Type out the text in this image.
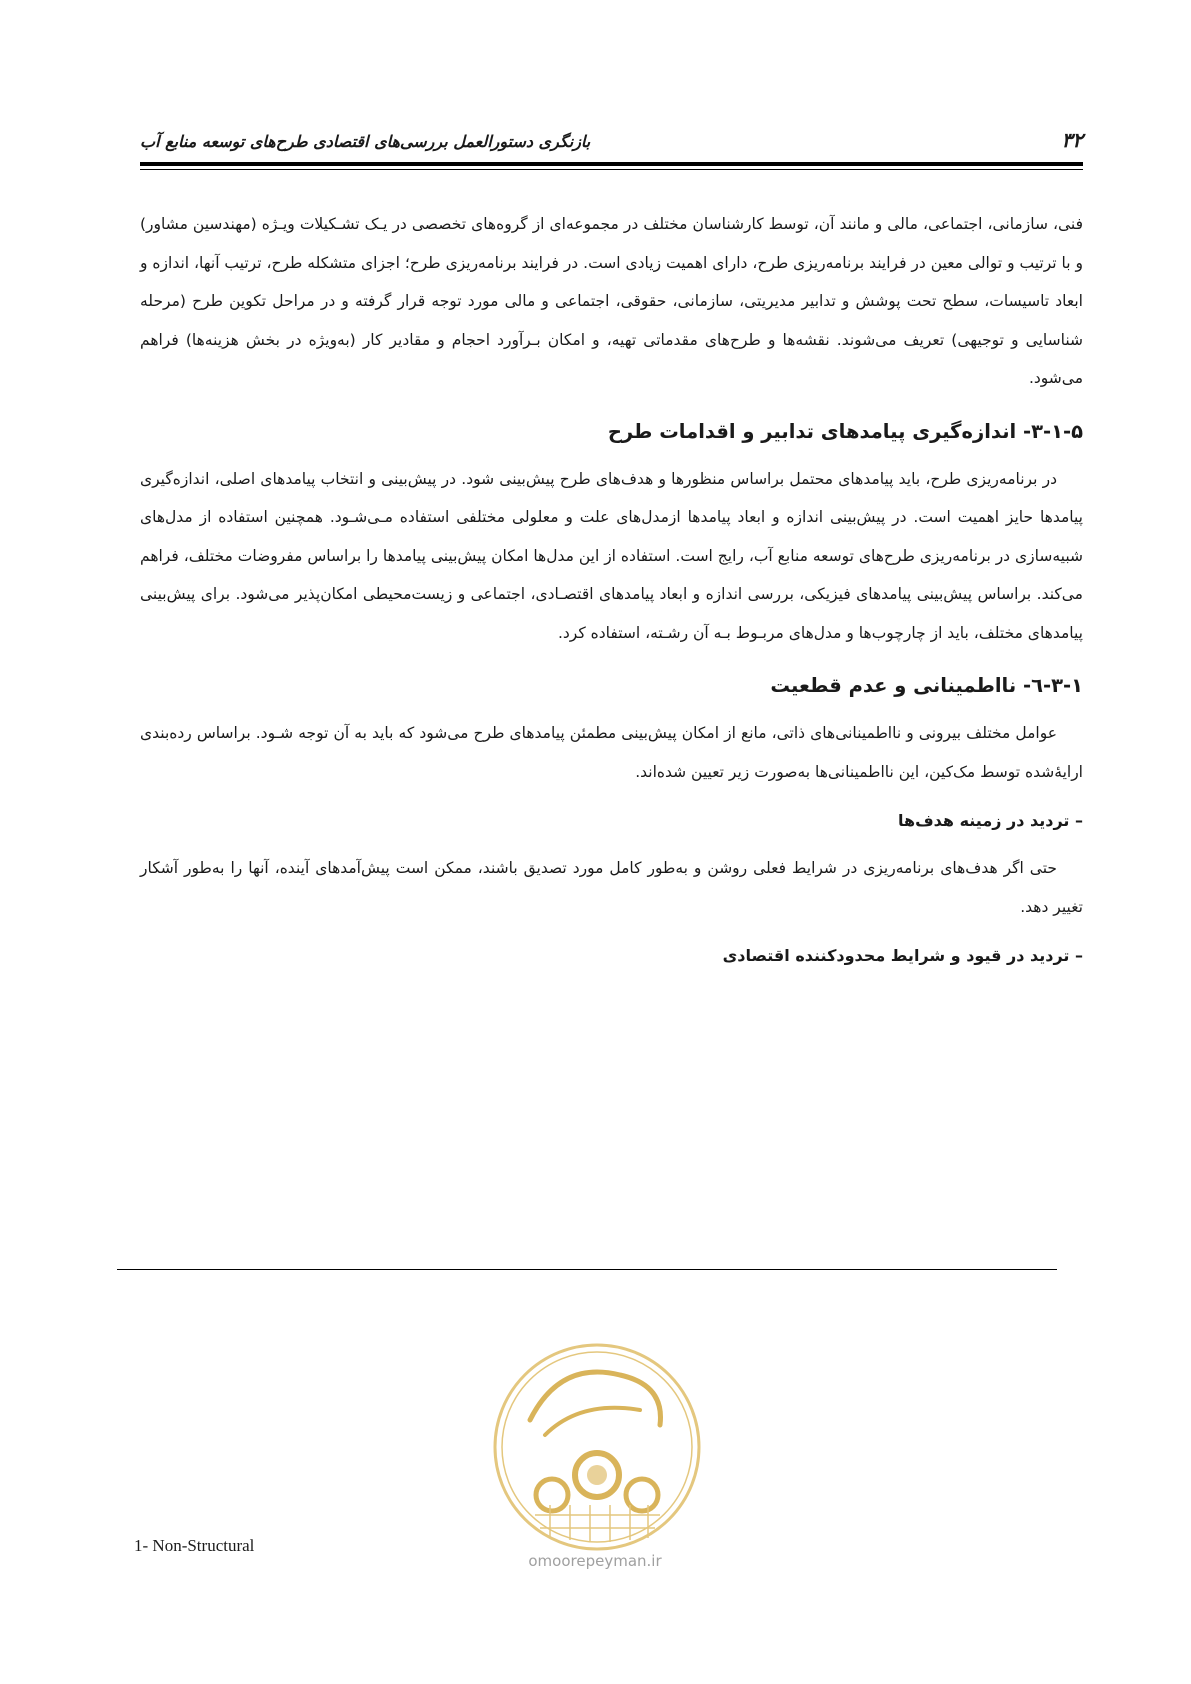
۳۲
بازنگری دستورالعمل بررسی‌های اقتصادی طرح‌های توسعه منابع آب

فنی، سازمانی، اجتماعی، مالی و مانند آن، توسط کارشناسان مختلف در مجموعه‌ای از گروه‌های تخصصی در یـک تشـکیلات ویـژه (مهندسین مشاور) و با ترتیب و توالی معین در فرایند برنامه‌ریزی طرح، دارای اهمیت زیادی است. در فرایند برنامه‌ریزی طرح؛ اجزای متشکله طرح، ترتیب آنها، اندازه و ابعاد تاسیسات، سطح تحت پوشش و تدابیر مدیریتی، سازمانی، حقوقی، اجتماعی و مالی مورد توجه قرار گرفته و در مراحل تکوین طرح (مرحله شناسایی و توجیهی) تعریف می‌شوند. نقشه‌ها و طرح‌های مقدماتی تهیه، و امکان بـرآورد احجام و مقادیر کار (به‌ویژه در بخش هزینه‌ها) فراهم می‌شود.

۳-۱-۵- اندازه‌گیری پیامدهای تدابیر و اقدامات طرح

در برنامه‌ریزی طرح، باید پیامدهای محتمل براساس منظورها و هدف‌های طرح پیش‌بینی شود. در پیش‌بینی و انتخاب پیامدهای اصلی، اندازه‌گیری پیامدها حایز اهمیت است. در پیش‌بینی اندازه و ابعاد پیامدها ازمدل‌های علت و معلولی مختلفی استفاده مـی‌شـود. همچنین استفاده از مدل‌های شبیه‌سازی در برنامه‌ریزی طرح‌های توسعه منابع آب، رایج است. استفاده از این مدل‌ها امکان پیش‌بینی پیامدها را براساس مفروضات مختلف، فراهم می‌کند. براساس پیش‌بینی پیامدهای فیزیکی، بررسی اندازه و ابعاد پیامدهای اقتصـادی، اجتماعی و زیست‌محیطی امکان‌پذیر می‌شود. برای پیش‌بینی پیامدهای مختلف، باید از چارچوب‌ها و مدل‌های مربـوط بـه آن رشـته، استفاده کرد.

۳-۱-٦- نااطمینانی و عدم قطعیت

عوامل مختلف بیرونی و نااطمینانی‌های ذاتی، مانع از امکان پیش‌بینی مطمئن پیامدهای طرح می‌شود که باید به آن توجه شـود. براساس رده‌بندی ارایهٔ‌شده توسط مک‌کین، این نااطمینانی‌ها به‌صورت زیر تعیین شده‌اند.

– تردید در زمینه هدف‌ها

حتی اگر هدف‌های برنامه‌ریزی در شرایط فعلی روشن و به‌طور کامل مورد تصدیق باشند، ممکن است پیش‌آمدهای آینده، آنها را به‌طور آشکار تغییر دهد.

– تردید در قیود و شرایط محدودکننده اقتصادی
omoorepeyman.ir
1- Non-Structural
